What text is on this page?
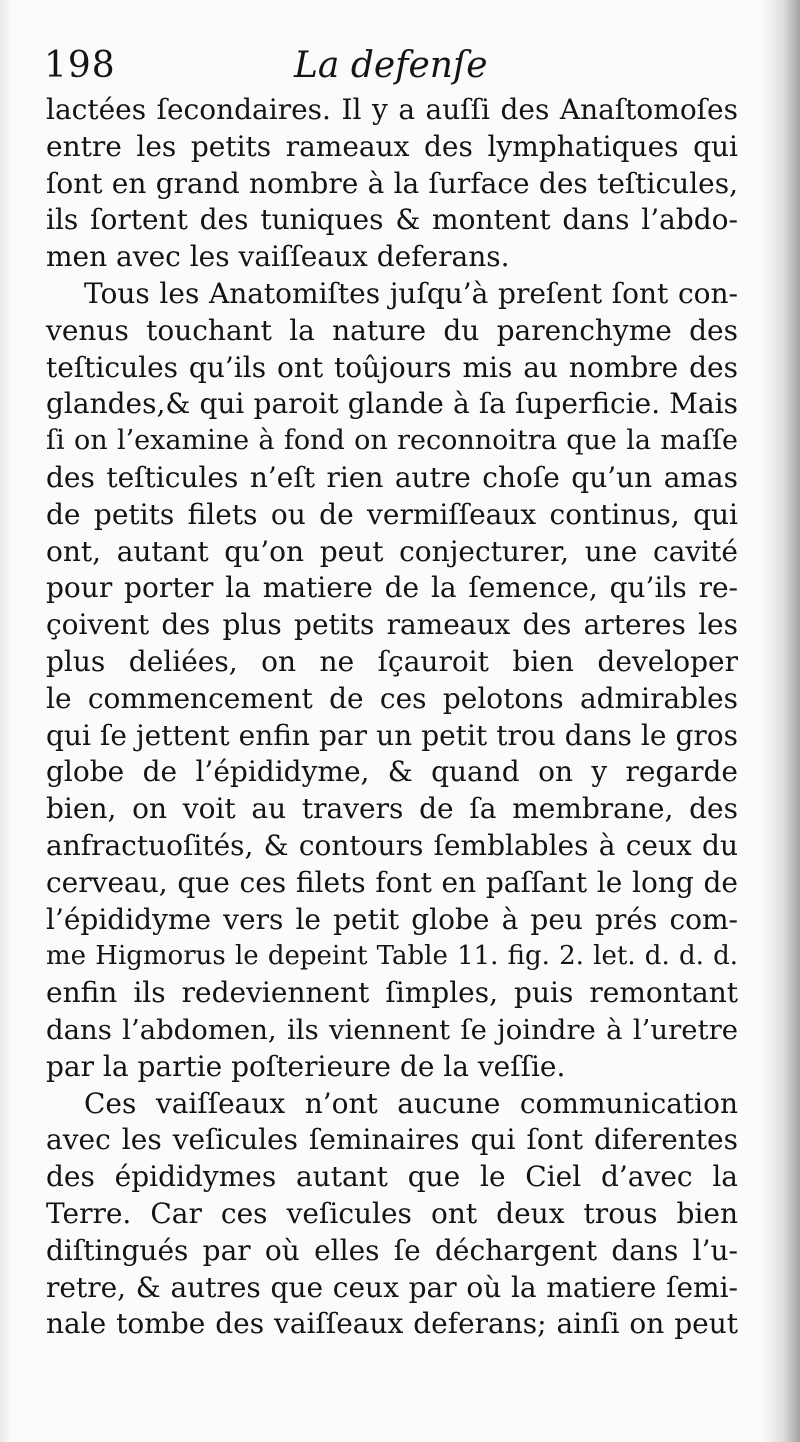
198	La defenſe
lactées ſecondaires. Il y a auſſi des Anaſtomoſes
entre les petits rameaux des lymphatiques qui
ſont en grand nombre à la ſurface des teſticules,
ils ſortent des tuniques & montent dans l’abdo-
men avec les vaiſſeaux deferans.
Tous les Anatomiſtes juſqu’à preſent ſont con-
venus touchant la nature du parenchyme des
teſticules qu’ils ont toûjours mis au nombre des
glandes,& qui paroit glande à ſa ſuperficie. Mais
ſi on l’examine à fond on reconnoitra que la maſſe
des teſticules n’eſt rien autre choſe qu’un amas
de petits filets ou de vermiſſeaux continus, qui
ont, autant qu’on peut conjecturer, une cavité
pour porter la matiere de la ſemence, qu’ils re-
çoivent des plus petits rameaux des arteres les
plus deliées, on ne ſçauroit bien developer
le commencement de ces pelotons admirables
qui ſe jettent enfin par un petit trou dans le gros
globe de l’épididyme, & quand on y regarde
bien, on voit au travers de ſa membrane, des
anfractuoſités, & contours ſemblables à ceux du
cerveau, que ces filets font en paſſant le long de
l’épididyme vers le petit globe à peu prés com-
me Higmorus le depeint Table 11. fig. 2. let. d. d. d.
enfin ils redeviennent ſimples, puis remontant
dans l’abdomen, ils viennent ſe joindre à l’uretre
par la partie poſterieure de la veſſie.
Ces vaiſſeaux n’ont aucune communication
avec les veſicules ſeminaires qui ſont diferentes
des épididymes autant que le Ciel d’avec la
Terre. Car ces veſicules ont deux trous bien
diſtingués par où elles ſe déchargent dans l’u-
retre, & autres que ceux par où la matiere ſemi-
nale tombe des vaiſſeaux deferans; ainſi on peut
